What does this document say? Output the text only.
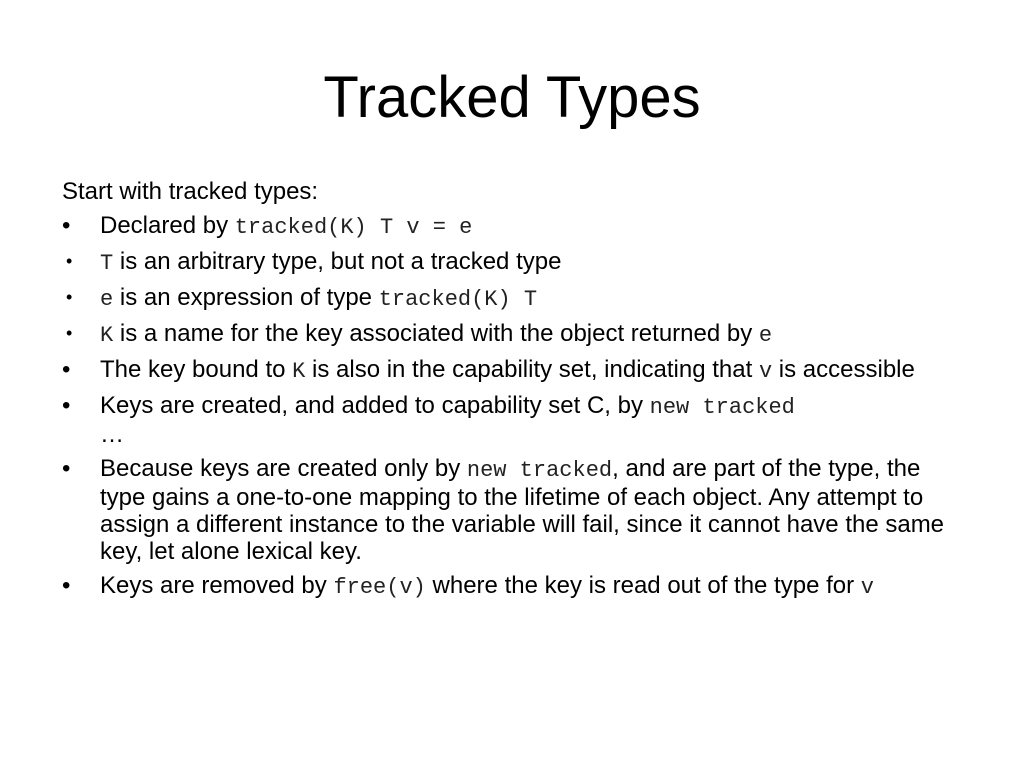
Tracked Types
Start with tracked types:
•	Declared by tracked(K) T v = e
•	T is an arbitrary type, but not a tracked type
•	e is an expression of type tracked(K) T
•	K is a name for the key associated with the object returned by e
•	The key bound to K is also in the capability set, indicating that v is accessible
•	Keys are created, and added to capability set C, by new tracked
…
•	Because keys are created only by new tracked, and are part of the type, the type gains a one-to-one mapping to the lifetime of each object. Any attempt to assign a different instance to the variable will fail, since it cannot have the same key, let alone lexical key.
•	Keys are removed by free(v) where the key is read out of the type for v
